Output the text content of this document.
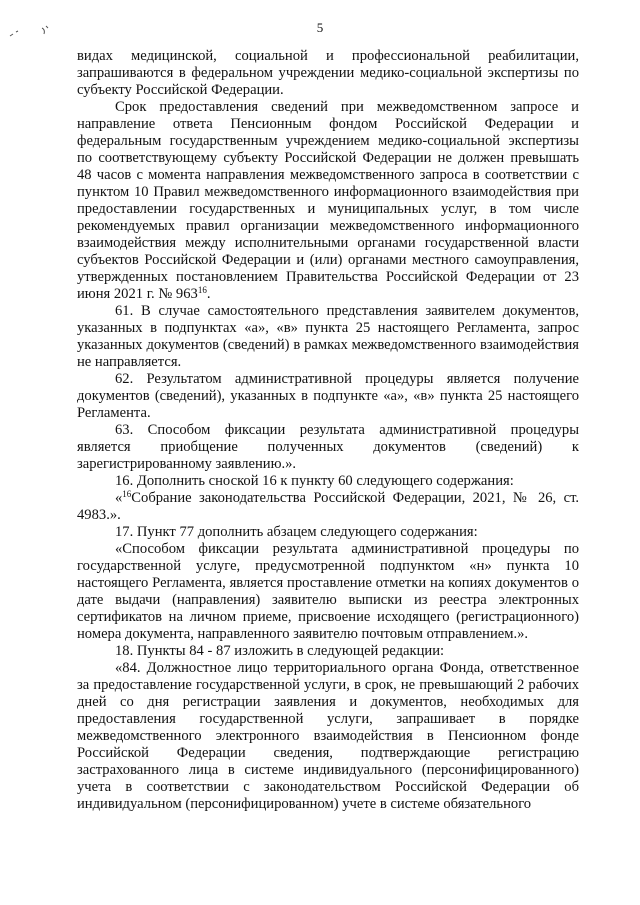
5

видах медицинской, социальной и профессиональной реабилитации, запрашиваются в федеральном учреждении медико-социальной экспертизы по субъекту Российской Федерации.

Срок предоставления сведений при межведомственном запросе и направление ответа Пенсионным фондом Российской Федерации и федеральным государственным учреждением медико-социальной экспертизы по соответствующему субъекту Российской Федерации не должен превышать 48 часов с момента направления межведомственного запроса в соответствии с пунктом 10 Правил межведомственного информационного взаимодействия при предоставлении государственных и муниципальных услуг, в том числе рекомендуемых правил организации межведомственного информационного взаимодействия между исполнительными органами государственной власти субъектов Российской Федерации и (или) органами местного самоуправления, утвержденных постановлением Правительства Российской Федерации от 23 июня 2021 г. № $963^{16}$.

61. В случае самостоятельного представления заявителем документов, указанных в подпунктах «а», «в» пункта 25 настоящего Регламента, запрос указанных документов (сведений) в рамках межведомственного взаимодействия не направляется.

62. Результатом административной процедуры является получение документов (сведений), указанных в подпункте «а», «в» пункта 25 настоящего Регламента.

63. Способом фиксации результата административной процедуры является приобщение полученных документов (сведений) к зарегистрированному заявлению.».

16. Дополнить сноской 16 к пункту 60 следующего содержания:

«$^{16}$Собрание законодательства Российской Федерации, 2021, № 26, ст. 4983.».

17. Пункт 77 дополнить абзацем следующего содержания:

«Способом фиксации результата административной процедуры по государственной услуге, предусмотренной подпунктом «н» пункта 10 настоящего Регламента, является проставление отметки на копиях документов о дате выдачи (направления) заявителю выписки из реестра электронных сертификатов на личном приеме, присвоение исходящего (регистрационного) номера документа, направленного заявителю почтовым отправлением.».

18. Пункты 84 - 87 изложить в следующей редакции:

«84. Должностное лицо территориального органа Фонда, ответственное за предоставление государственной услуги, в срок, не превышающий 2 рабочих дней со дня регистрации заявления и документов, необходимых для предоставления государственной услуги, запрашивает в порядке межведомственного электронного взаимодействия в Пенсионном фонде Российской Федерации сведения, подтверждающие регистрацию застрахованного лица в системе индивидуального (персонифицированного) учета в соответствии с законодательством Российской Федерации об индивидуальном (персонифицированном) учете в системе обязательного
